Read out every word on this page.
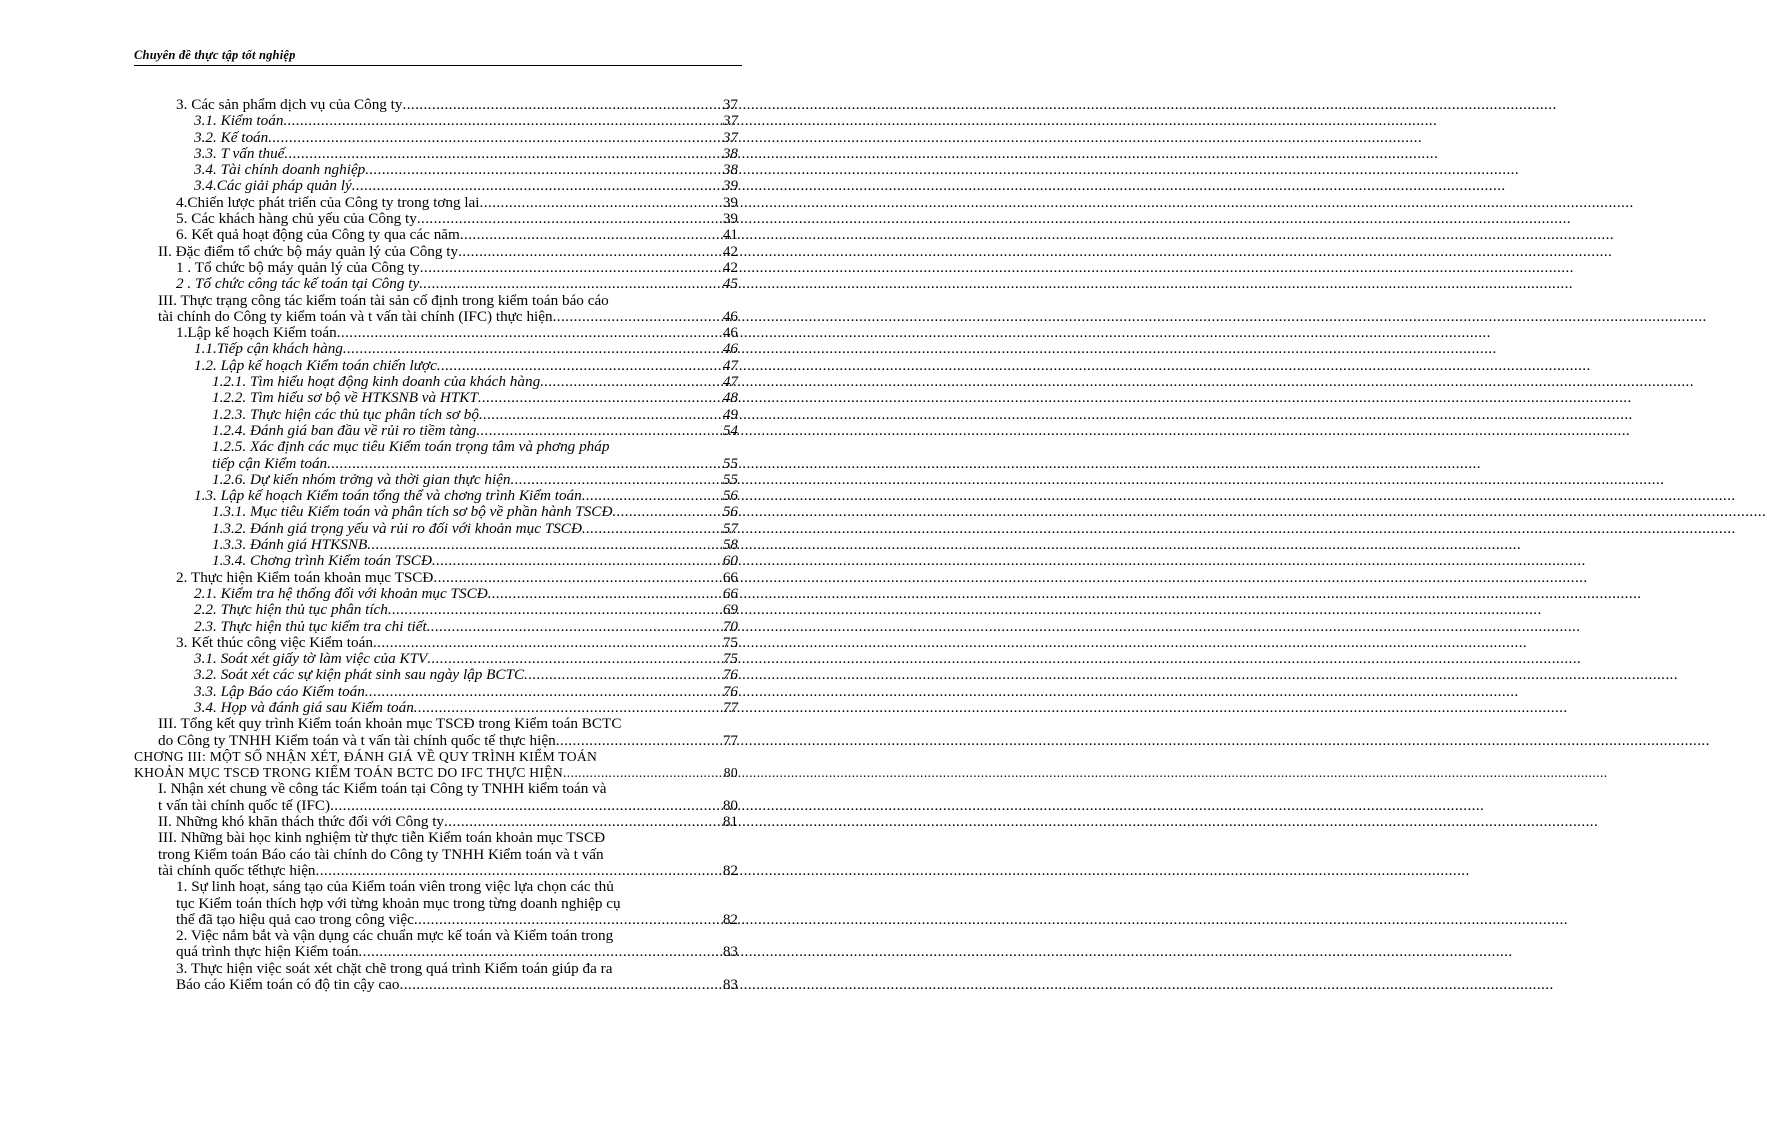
Chuyên đề thực tập tốt nghiệp
3. Các sản phẩm dịch vụ của Công ty .....	37
3.1. Kiểm toán .....	37
3.2. Kế toán .....	37
3.3. T vấn thuế .....	38
3.4. Tài chính doanh nghiệp .....	38
3.4.Các giải pháp quản lý .....	39
4.Chiến lược phát triển của Công ty trong tơng lai .....	39
5. Các khách hàng chủ yếu của Công ty .....	39
6. Kết quả hoạt động của Công ty qua các năm .....	41
II. Đặc điểm tổ chức bộ máy quản lý của Công ty .....	42
1 . Tổ chức bộ máy quản lý của Công ty .....	42
2 . Tổ chức công tác kế toán tại Công ty .....	45
III. Thực trạng công tác kiểm toán tài sản cố định trong kiểm toán báo cáo
tài chính do Công ty kiểm toán và t vấn tài chính (IFC) thực hiện .....	46
1.Lập kế hoạch Kiểm toán .....	46
1.1.Tiếp cận khách hàng .....	46
1.2. Lập kế hoạch Kiểm toán chiến lược .....	47
1.2.1. Tìm hiểu hoạt động kinh doanh của khách hàng .....	47
1.2.2. Tìm hiểu sơ bộ về HTKSNB và HTKT .....	48
1.2.3. Thực hiện các thủ tục phân tích sơ bộ .....	49
1.2.4. Đánh giá ban đầu về rủi ro tiềm tàng .....	54
1.2.5. Xác định các mục tiêu Kiểm toán trọng tâm và phơng pháp
tiếp cận Kiểm toán .....	55
1.2.6. Dự kiến nhóm trởng và thời gian thực hiện .....	55
1.3. Lập kế hoạch Kiểm toán tổng thể và chơng trình Kiểm toán .....	56
1.3.1. Mục tiêu Kiểm toán và phân tích sơ bộ về phần hành TSCĐ .....	56
1.3.2. Đánh giá trọng yếu và rủi ro đối với khoản mục TSCĐ .....	57
1.3.3. Đánh giá HTKSNB .....	58
1.3.4. Chơng trình Kiểm toán TSCĐ .....	60
2. Thực hiện Kiểm toán khoản mục TSCĐ .....	66
2.1. Kiểm tra hệ thống đối với khoản mục TSCĐ .....	66
2.2. Thực hiện thủ tục phân tích .....	69
2.3. Thực hiện thủ tục kiểm tra chi tiết .....	70
3. Kết thúc công việc Kiểm toán .....	75
3.1. Soát xét giấy tờ làm việc của KTV .....	75
3.2. Soát xét các sự kiện phát sinh sau ngày lập BCTC .....	76
3.3. Lập Báo cáo Kiểm toán .....	76
3.4. Họp và đánh giá sau Kiểm toán .....	77
III. Tổng kết quy trình Kiểm toán khoản mục TSCĐ trong Kiểm toán BCTC
do Công ty TNHH Kiểm toán và t vấn tài chính quốc tế thực hiện .....	77
CHƠNG III: MỘT SỐ NHẬN XÉT, ĐÁNH GIÁ VỀ QUY TRÌNH KIỂM TOÁN
KHOẢN MỤC TSCĐ TRONG KIỂM TOÁN BCTC DO IFC THỰC HIỆN .....	80
I. Nhận xét chung về công tác Kiểm toán tại Công ty TNHH kiểm toán và
t vấn tài chính quốc tế (IFC) .....	80
II. Những khó khăn thách thức đối với Công ty .....	81
III. Những bài học kinh nghiệm từ thực tiễn Kiểm toán khoản mục TSCĐ
trong Kiểm toán Báo cáo tài chính do Công ty TNHH Kiểm toán và t vấn
tài chính quốc tếthực hiện .....	82
1. Sự linh hoạt, sáng tạo của Kiểm toán viên trong việc lựa chọn các thủ
tục Kiểm toán thích hợp với từng khoản mục trong từng doanh nghiệp cụ
thể đã tạo hiệu quả cao trong công việc .....	82
2. Việc nắm bắt và vận dụng các chuẩn mực kế toán và Kiểm toán trong
quá trình thực hiện Kiểm toán .....	83
3. Thực hiện việc soát xét chặt chẽ trong quá trình Kiểm toán giúp đa ra
Báo cáo Kiểm toán có độ tin cậy cao .....	83
